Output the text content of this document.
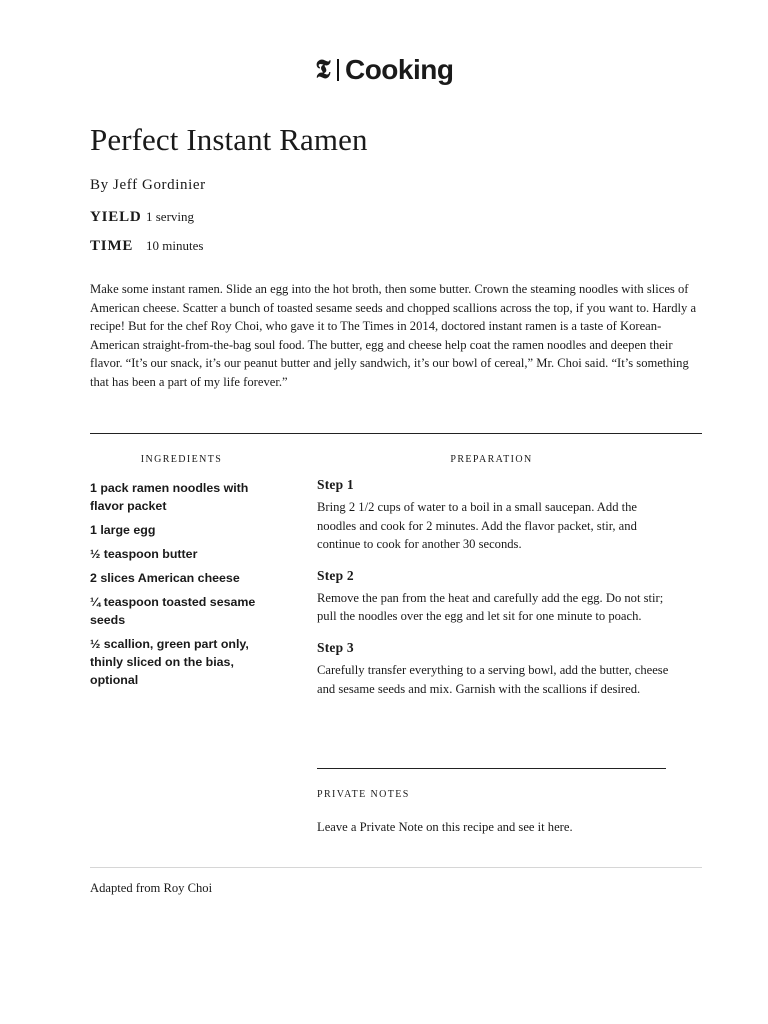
𝕿 Cooking
Perfect Instant Ramen
By Jeff Gordinier
YIELD 1 serving
TIME 10 minutes

Make some instant ramen. Slide an egg into the hot broth, then some butter. Crown the steaming noodles with slices of American cheese. Scatter a bunch of toasted sesame seeds and chopped scallions across the top, if you want to. Hardly a recipe! But for the chef Roy Choi, who gave it to The Times in 2014, doctored instant ramen is a taste of Korean-American straight-from-the-bag soul food. The butter, egg and cheese help coat the ramen noodles and deepen their flavor. “It’s our snack, it’s our peanut butter and jelly sandwich, it’s our bowl of cereal,” Mr. Choi said. “It’s something that has been a part of my life forever.”

INGREDIENTS	PREPARATION
1 pack ramen noodles with flavor packet
1 large egg
½ teaspoon butter
2 slices American cheese
¼ teaspoon toasted sesame seeds
½ scallion, green part only, thinly sliced on the bias, optional
Step 1

Bring 2 1/2 cups of water to a boil in a small saucepan. Add the noodles and cook for 2 minutes. Add the flavor packet, stir, and continue to cook for another 30 seconds.

Step 2

Remove the pan from the heat and carefully add the egg. Do not stir; pull the noodles over the egg and let sit for one minute to poach.

Step 3

Carefully transfer everything to a serving bowl, add the butter, cheese and sesame seeds and mix. Garnish with the scallions if desired.

PRIVATE NOTES
Leave a Private Note on this recipe and see it here.
Adapted from Roy Choi
